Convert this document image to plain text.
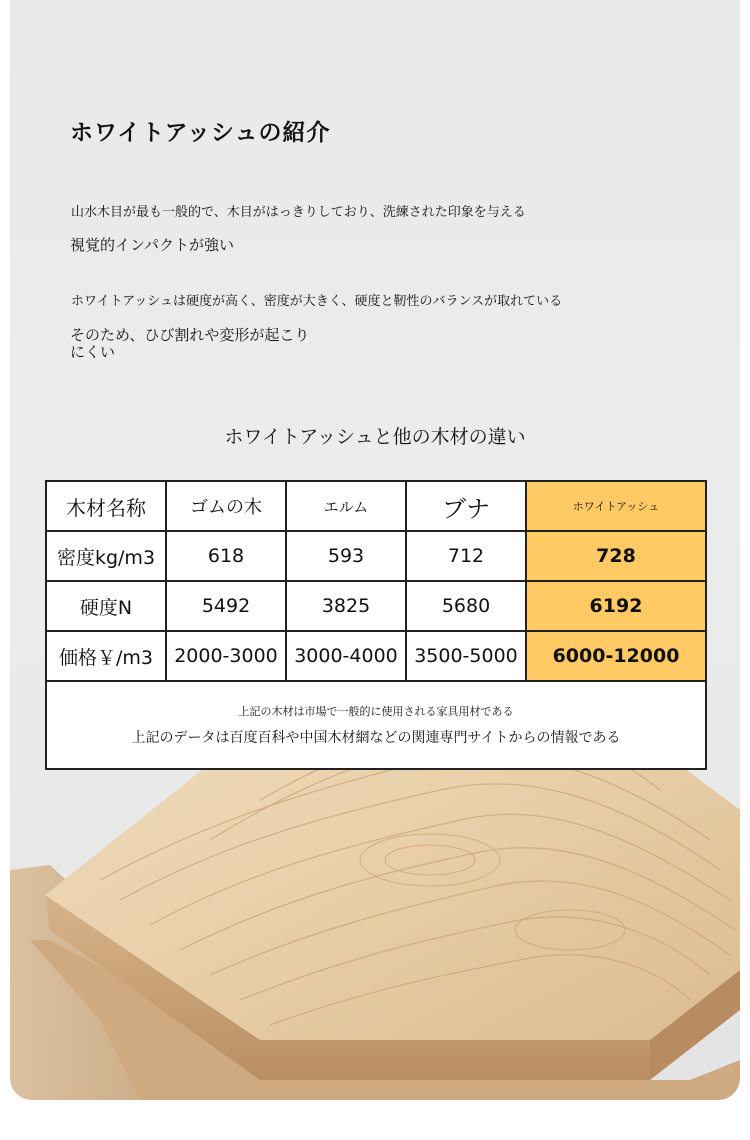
ホワイトアッシュの紹介

山水木目が最も一般的で、木目がはっきりしており、洗練された印象を与える

視覚的インパクトが強い

ホワイトアッシュは硬度が高く、密度が大きく、硬度と靭性のバランスが取れている

そのため、ひび割れや変形が起こりにくい

ホワイトアッシュと他の木材の違い
木材名称	ゴムの木	エルム	ブナ	ホワイトアッシュ
密度kg/m3	618	593	712	728
硬度N	5492	3825	5680	6192
価格￥/m3	2000-3000	3000-4000	3500-5000	6000-12000

上記の木材は市場で一般的に使用される家具用材である
上記のデータは百度百科や中国木材網などの関連専門サイトからの情報である				
